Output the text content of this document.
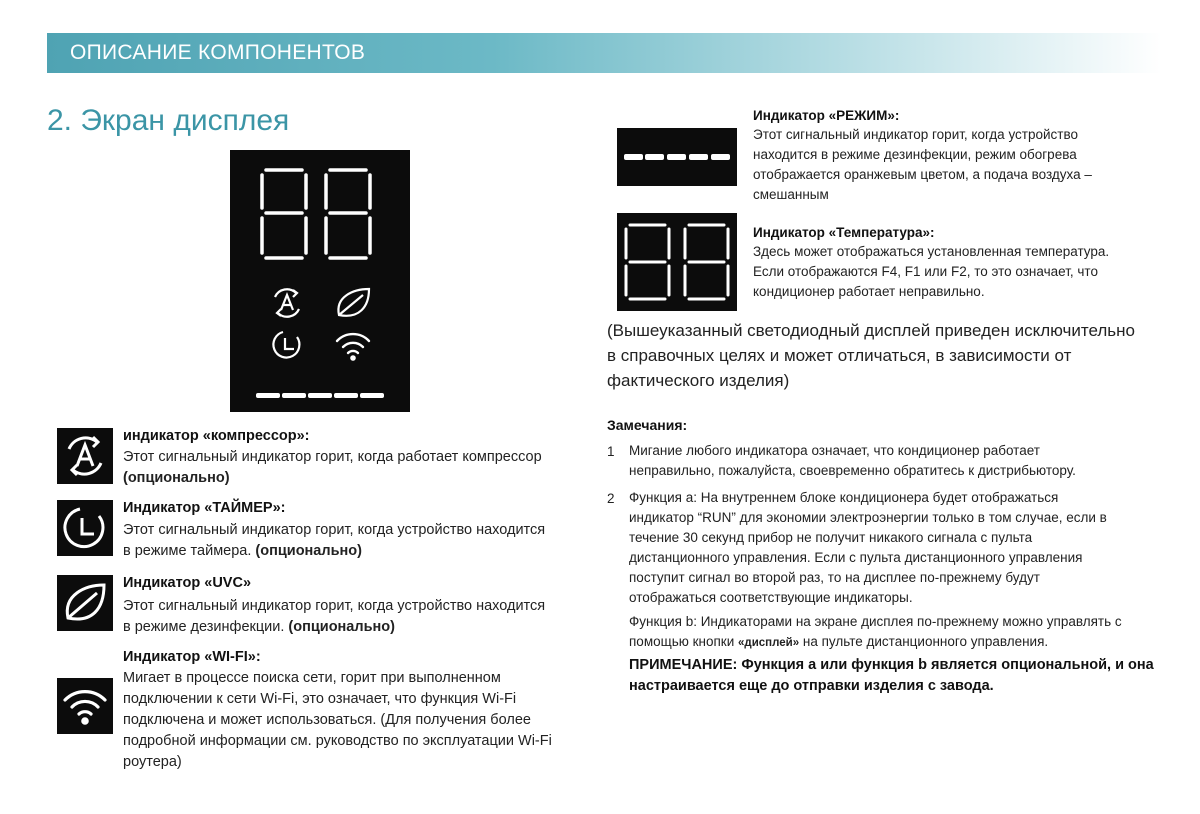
ОПИСАНИЕ КОМПОНЕНТОВ
2. Экран дисплея
индикатор «компрессор»:
Этот сигнальный индикатор горит, когда работает компрессор
(опционально)
Индикатор «ТАЙМЕР»:
Этот сигнальный индикатор горит, когда устройство находится
в режиме таймера. (опционально)
Индикатор «UVC»
Этот сигнальный индикатор горит, когда устройство находится
в режиме дезинфекции. (опционально)
Индикатор «WI-FI»:
Мигает в процессе поиска сети, горит при выполненном
подключении к сети Wi-Fi, это означает, что функция Wi-Fi
подключена и может использоваться. (Для получения более
подробной информации см. руководство по эксплуатации Wi-Fi
роутера)
Индикатор «РЕЖИМ»:
Этот сигнальный индикатор горит, когда устройство
находится в режиме дезинфекции, режим обогрева
отображается оранжевым цветом, а подача воздуха –
смешанным
Индикатор «Температура»:
Здесь может отображаться установленная температура.
Если отображаются F4, F1 или F2, то это означает, что
кондиционер работает неправильно.
(Вышеуказанный светодиодный дисплей приведен исключительно
в справочных целях и может отличаться, в зависимости от
фактического изделия)
Замечания:
1 Мигание любого индикатора означает, что кондиционер работает
неправильно, пожалуйста, своевременно обратитесь к дистрибьютору.
2 Функция a: На внутреннем блоке кондиционера будет отображаться
индикатор “RUN” для экономии электроэнергии только в том случае, если в
течение 30 секунд прибор не получит никакого сигнала с пульта
дистанционного управления. Если с пульта дистанционного управления
поступит сигнал во второй раз, то на дисплее по-прежнему будут
отображаться соответствующие индикаторы.
Функция b: Индикаторами на экране дисплея по-прежнему можно управлять с
помощью кнопки «дисплей» на пульте дистанционного управления.
ПРИМЕЧАНИЕ: Функция a или функция b является опциональной, и она
настраивается еще до отправки изделия с завода.
